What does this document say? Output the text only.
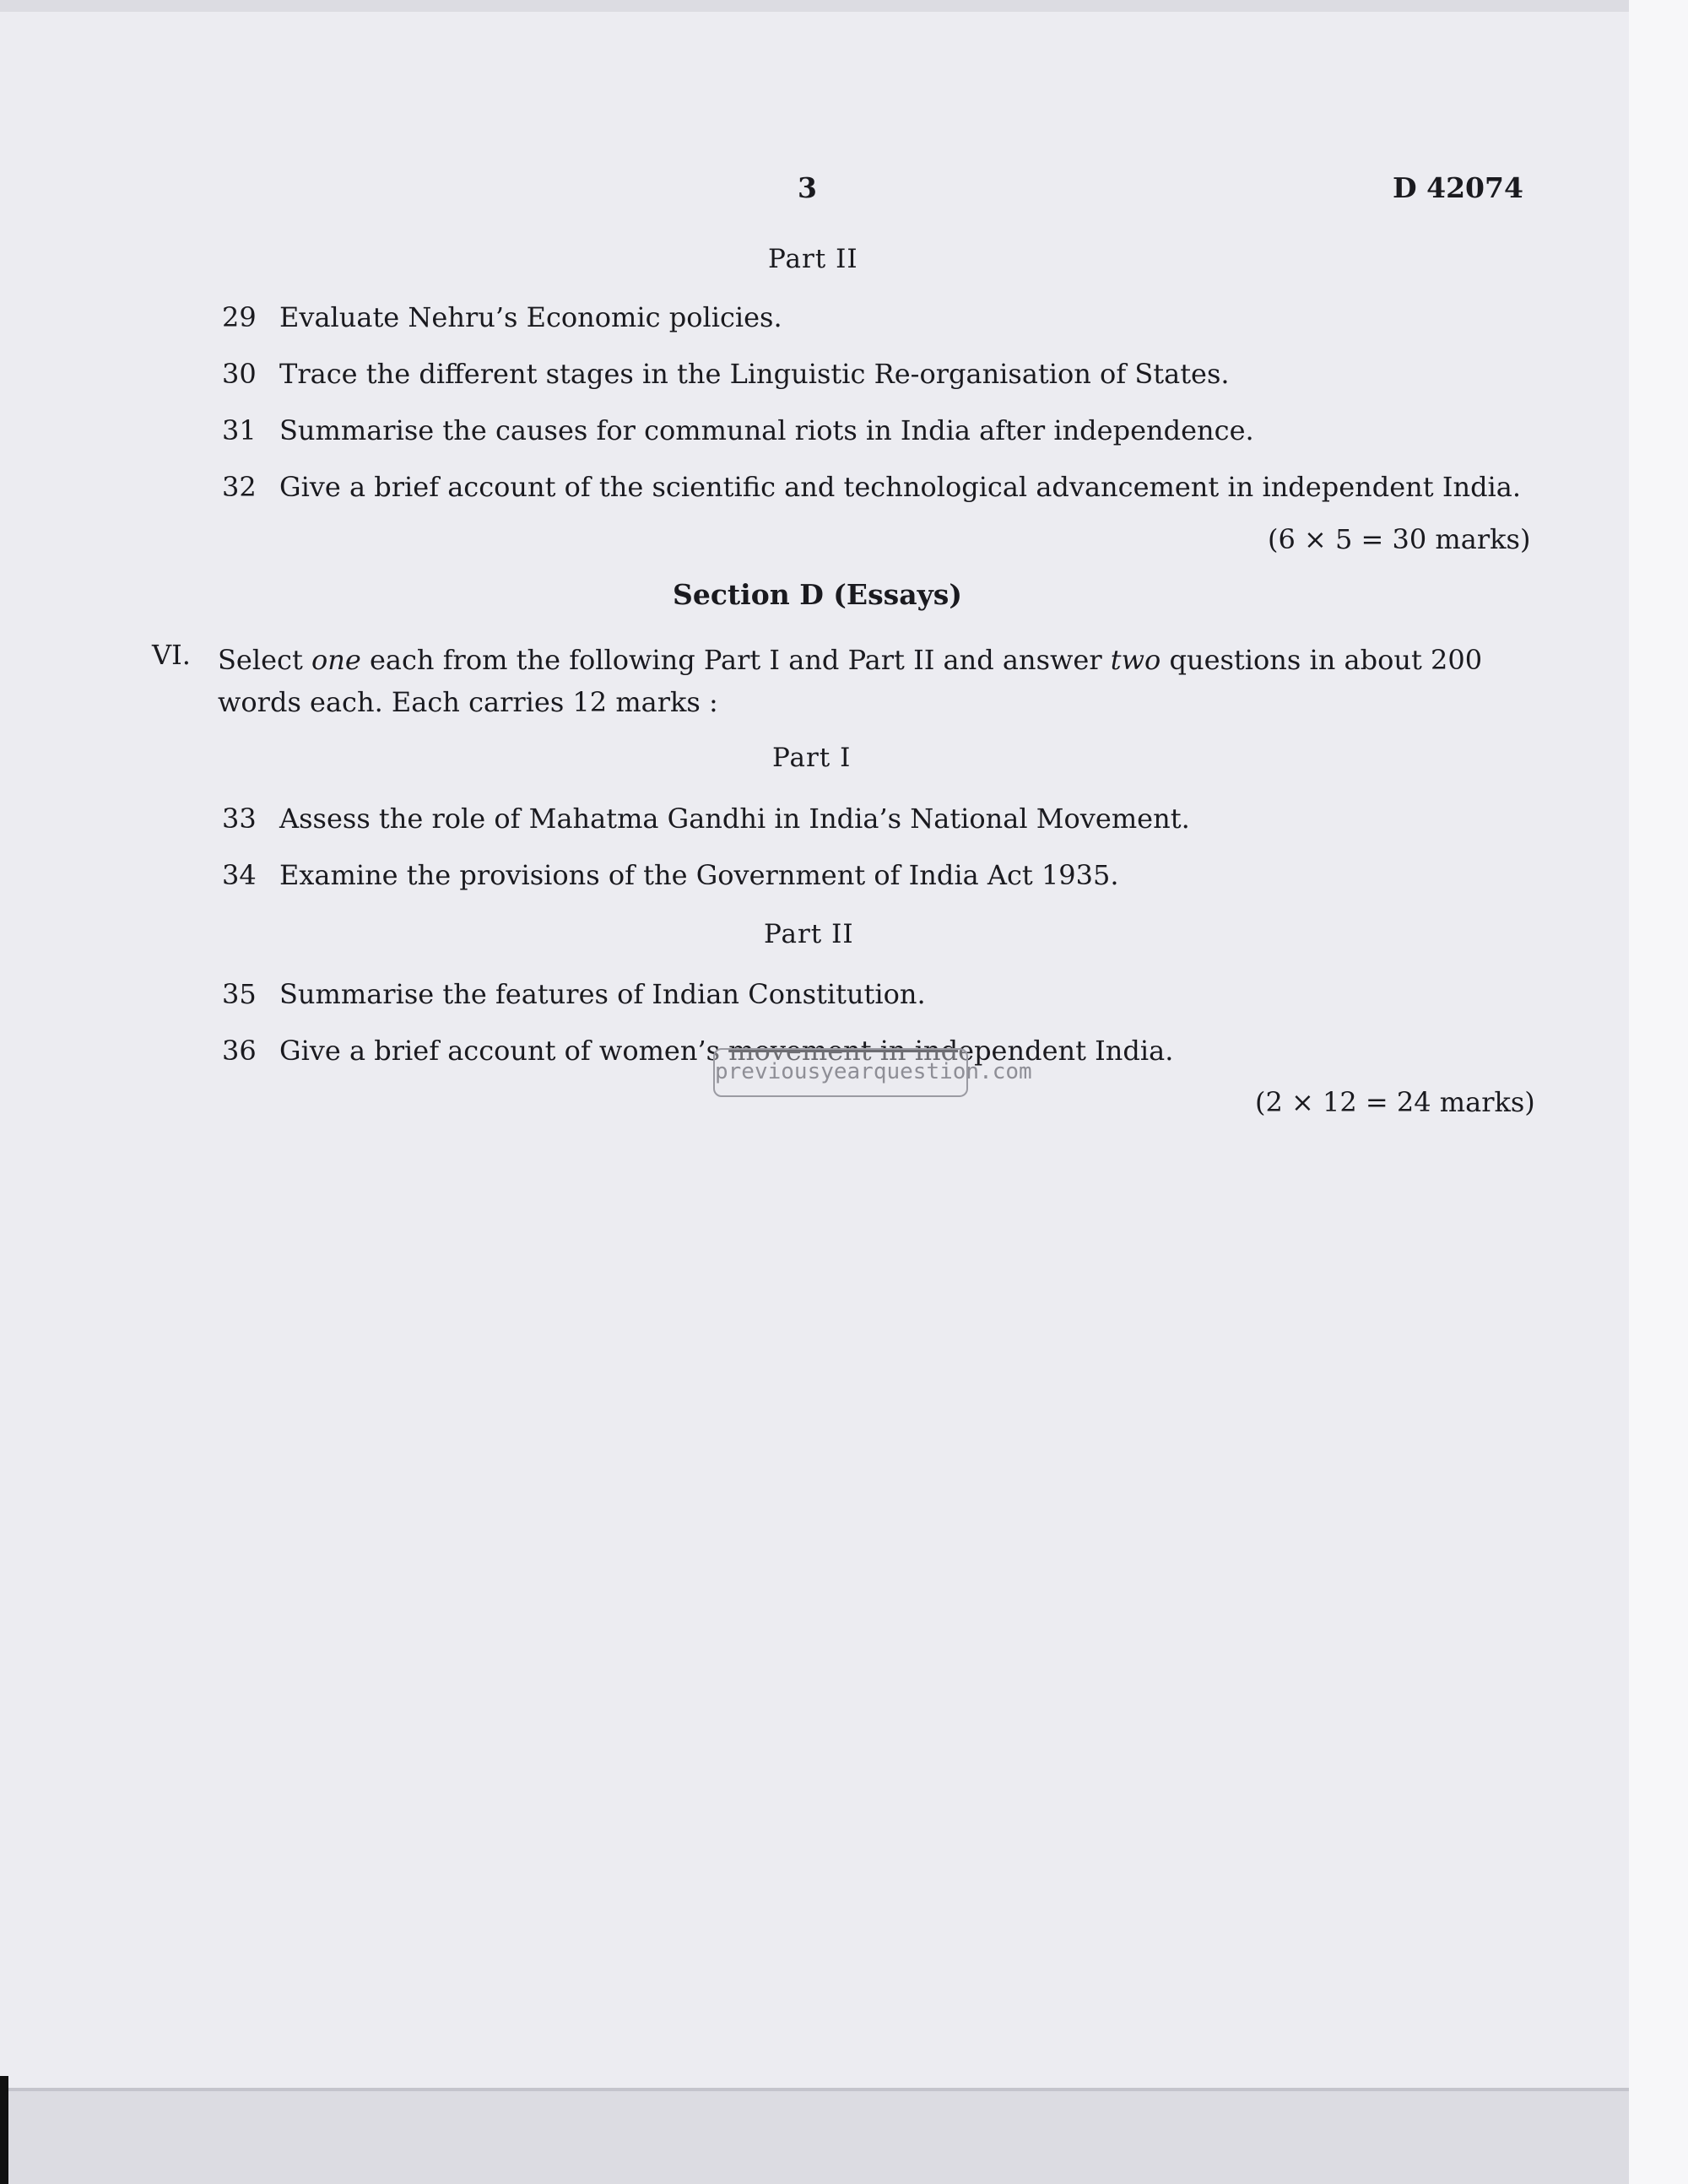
3	D 42074
Part II
29 Evaluate Nehru’s Economic policies.
30 Trace the different stages in the Linguistic Re-organisation of States.
31 Summarise the causes for communal riots in India after independence.
32 Give a brief account of the scientific and technological advancement in independent India.
(6 × 5 = 30 marks)
Section D (Essays)
VI. Select one each from the following Part I and Part II and answer two questions in about 200 words each. Each carries 12 marks :
Part I
33 Assess the role of Mahatma Gandhi in India’s National Movement.
34 Examine the provisions of the Government of India Act 1935.
Part II
35 Summarise the features of Indian Constitution.
36 Give a brief account of women’s movement in independent India.
previousyearquestion.com
(2 × 12 = 24 marks)
